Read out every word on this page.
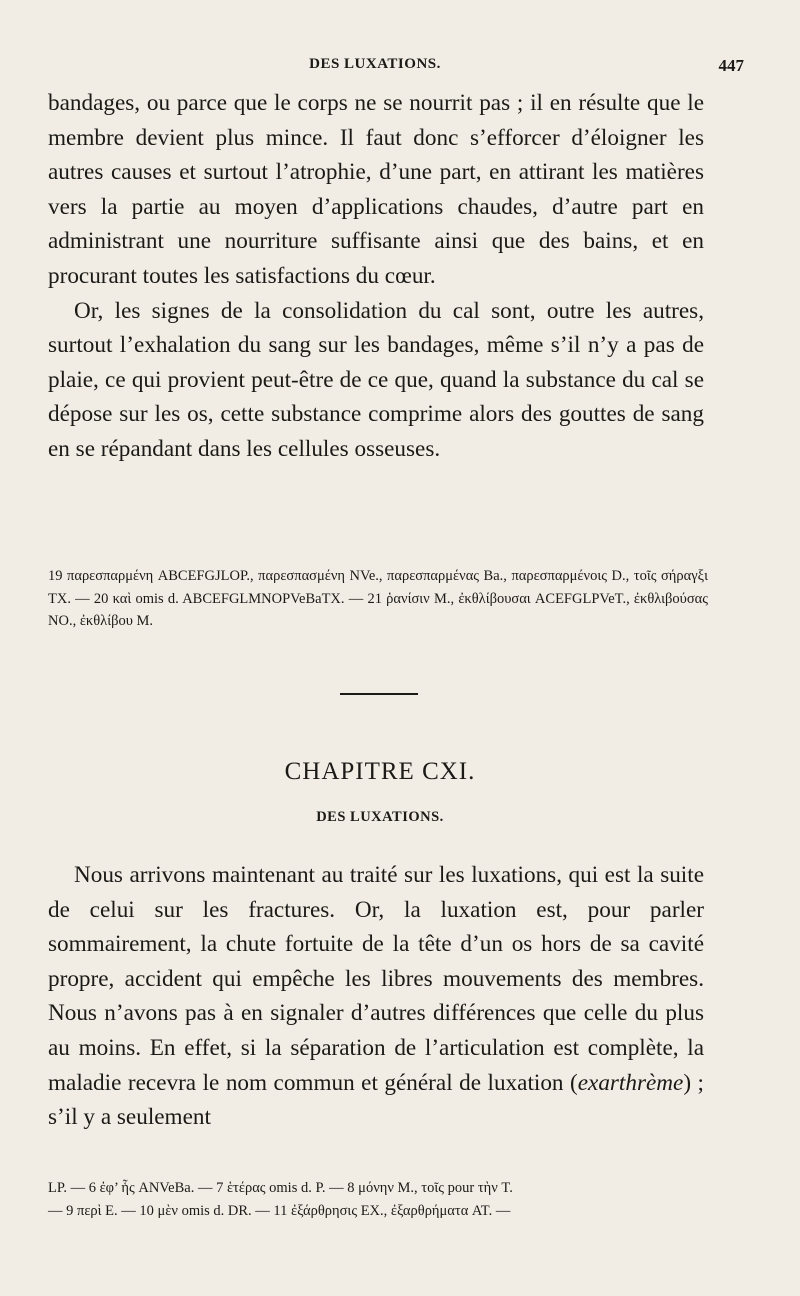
DES LUXATIONS.	447

bandages, ou parce que le corps ne se nourrit pas ; il en résulte que le membre devient plus mince. Il faut donc s’efforcer d’éloigner les autres causes et surtout l’atrophie, d’une part, en attirant les matières vers la partie au moyen d’applications chaudes, d’autre part en administrant une nourriture suffisante ainsi que des bains, et en procurant toutes les satisfactions du cœur.

Or, les signes de la consolidation du cal sont, outre les autres, surtout l’exhalation du sang sur les bandages, même s’il n’y a pas de plaie, ce qui provient peut-être de ce que, quand la substance du cal se dépose sur les os, cette substance comprime alors des gouttes de sang en se répandant dans les cellules osseuses.

19 παρεσπαρμένη ABCEFGJLOP., παρεσπασμένη NVe., παρεσπαρμένας Ba., παρεσπαρμένοις D., τοῖς σήραγξι TX. — 20 καὶ omis d. ABCEFGLMNOPVeBaTX. — 21 ῥανίσιν M., ἐκθλίβουσαι ACEFGLPVeT., ἐκθλιβούσας NO., ἐκθλίβου M.

CHAPITRE CXI.
DES LUXATIONS.

Nous arrivons maintenant au traité sur les luxations, qui est la suite de celui sur les fractures. Or, la luxation est, pour parler sommairement, la chute fortuite de la tête d’un os hors de sa cavité propre, accident qui empêche les libres mouvements des membres. Nous n’avons pas à en signaler d’autres différences que celle du plus au moins. En effet, si la séparation de l’articulation est complète, la maladie recevra le nom commun et général de luxation (exarthrème) ; s’il y a seulement

LP. — 6 ἐφ’ ἧς ANVeBa. — 7 ἑτέρας omis d. P. — 8 μόνην M., τοῖς pour τὴν T.

— 9 περὶ E. — 10 μὲν omis d. DR. — 11 ἐξάρθρησις EX., ἐξαρθρήματα AT. —
